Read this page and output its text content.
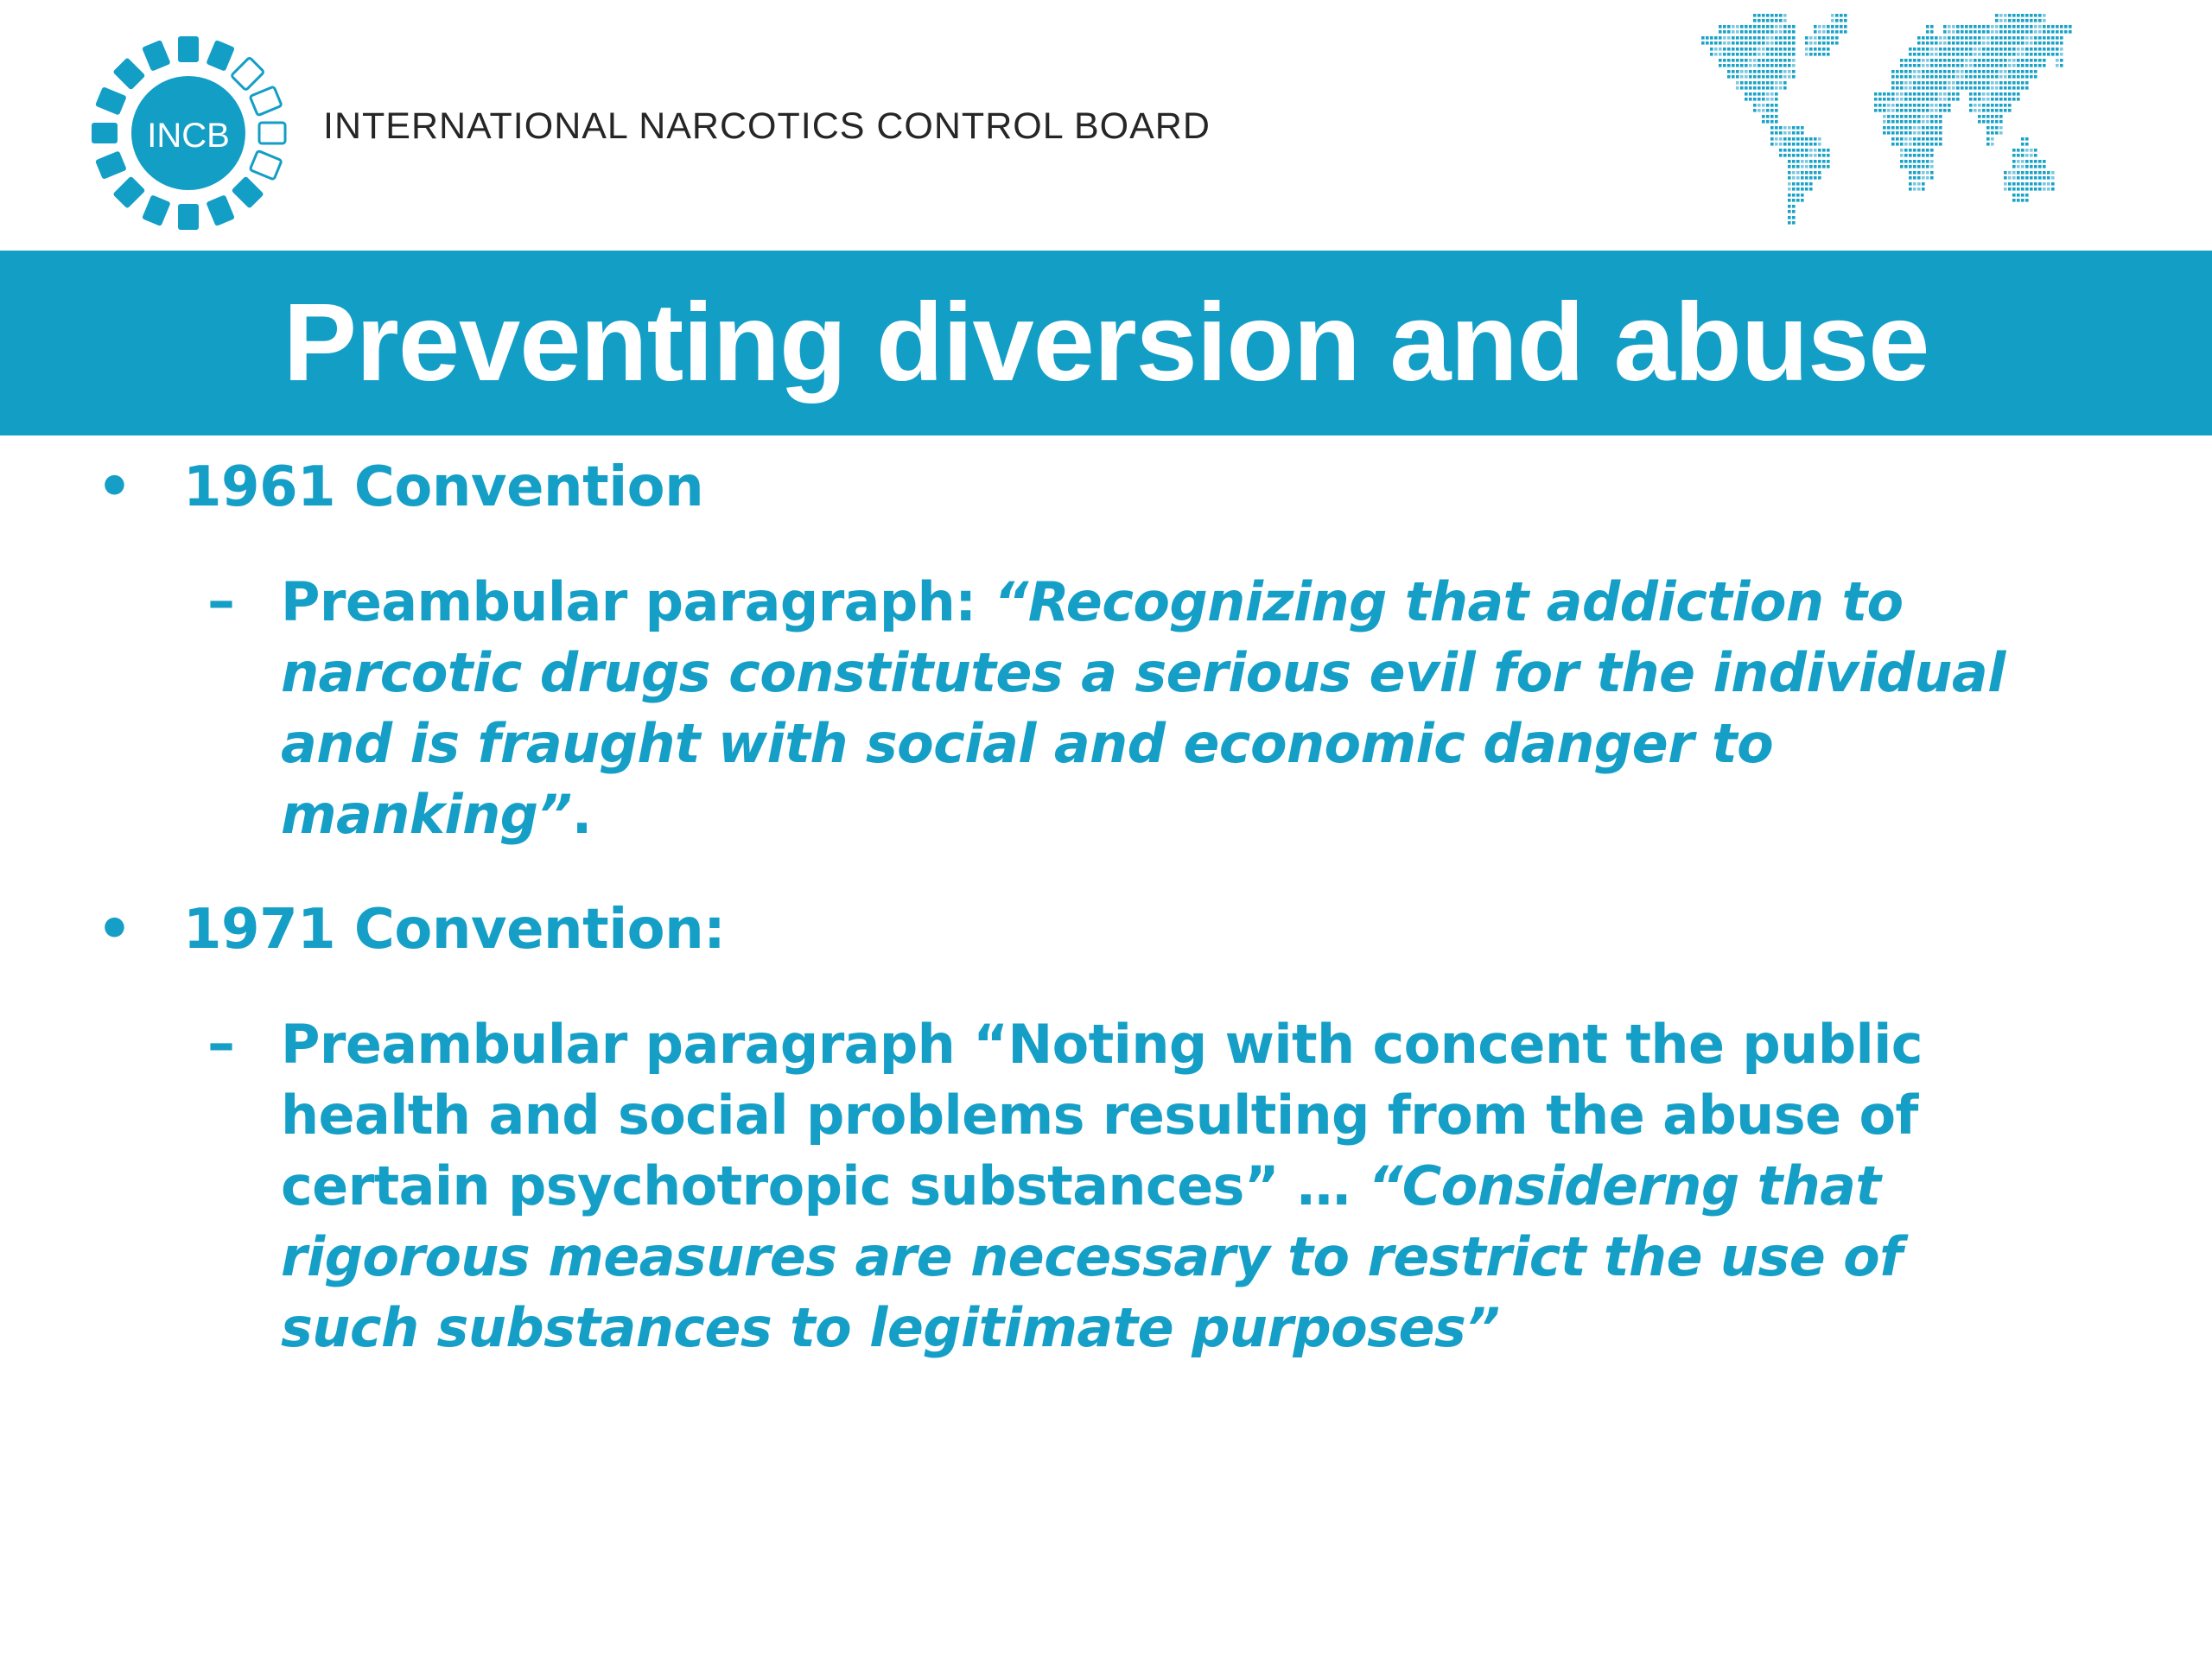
INCB	INTERNATIONAL NARCOTICS CONTROL BOARD
Preventing diversion and abuse
• 1961 Convention
– Preambular paragraph: “Recognizing that addiction to
narcotic drugs constitutes a serious evil for the individual
and is fraught with social and economic danger to
manking”.
• 1971 Convention:
– Preambular paragraph “Noting with concent the public
health and social problems resulting from the abuse of
certain psychotropic substances” … “Considerng that
rigorous measures are necessary to restrict the use of
such substances to legitimate purposes”
